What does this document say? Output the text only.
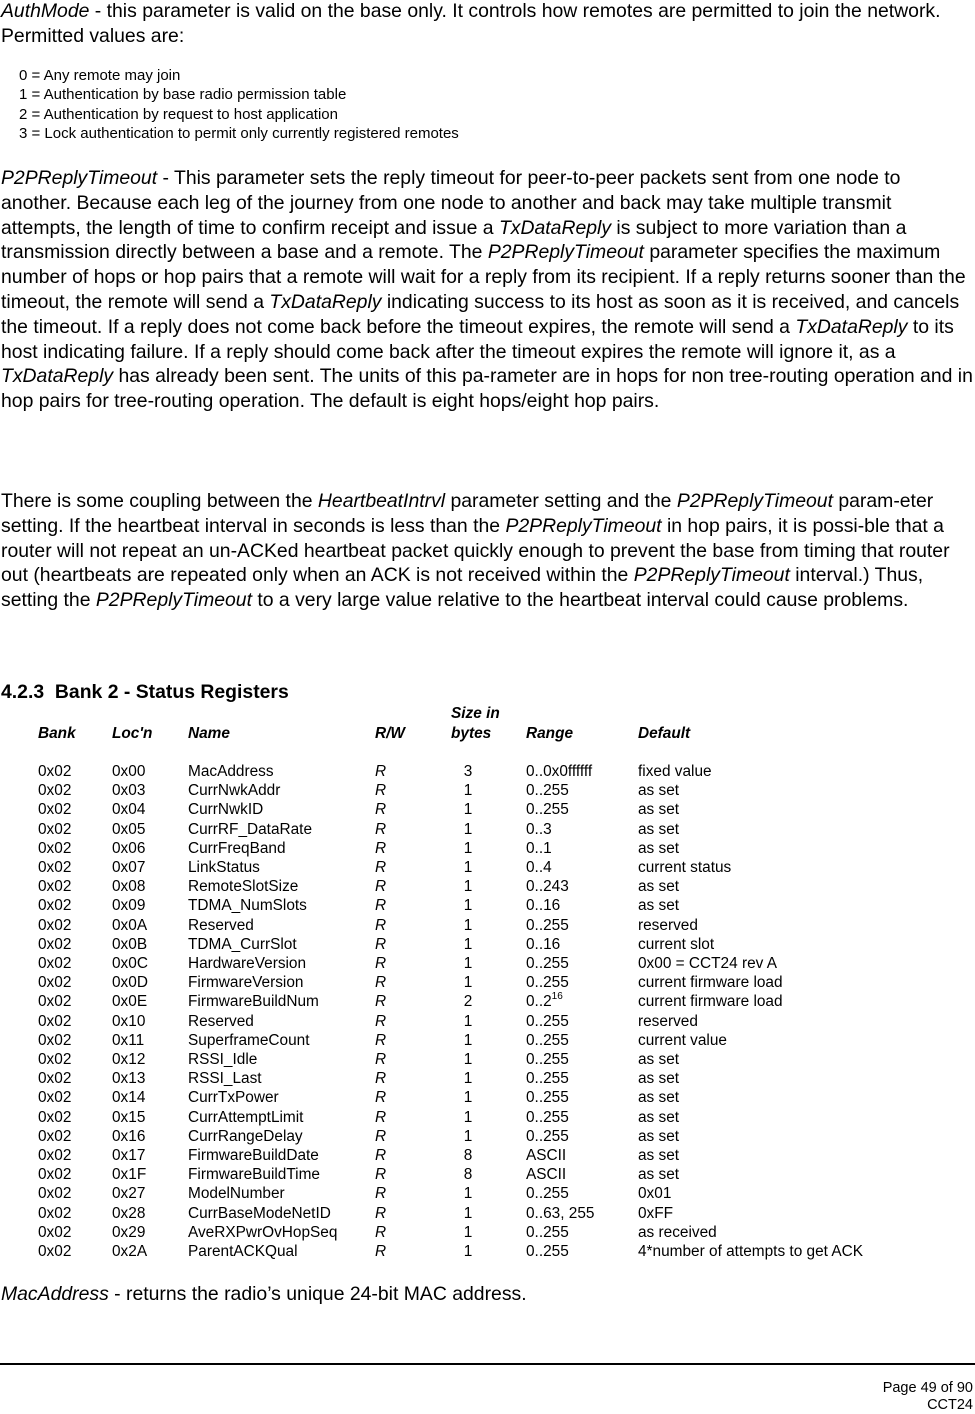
AuthMode - this parameter is valid on the base only. It controls how remotes are permitted to join the network. Permitted values are:

0 = Any remote may join
1 = Authentication by base radio permission table
2 = Authentication by request to host application
3 = Lock authentication to permit only currently registered remotes

P2PReplyTimeout - This parameter sets the reply timeout for peer-to-peer packets sent from one node to another. Because each leg of the journey from one node to another and back may take multiple transmit attempts, the length of time to confirm receipt and issue a TxDataReply is subject to more variation than a transmission directly between a base and a remote. The P2PReplyTimeout parameter specifies the maximum number of hops or hop pairs that a remote will wait for a reply from its recipient. If a reply returns sooner than the timeout, the remote will send a TxDataReply indicating success to its host as soon as it is received, and cancels the timeout. If a reply does not come back before the timeout expires, the remote will send a TxDataReply to its host indicating failure. If a reply should come back after the timeout expires the remote will ignore it, as a TxDataReply has already been sent. The units of this pa-rameter are in hops for non tree-routing operation and in hop pairs for tree-routing operation. The default is eight hops/eight hop pairs.

There is some coupling between the HeartbeatIntrvl parameter setting and the P2PReplyTimeout param-eter setting. If the heartbeat interval in seconds is less than the P2PReplyTimeout in hop pairs, it is possi-ble that a router will not repeat an un-ACKed heartbeat packet quickly enough to prevent the base from timing that router out (heartbeats are repeated only when an ACK is not received within the P2PReplyTimeout interval.) Thus, setting the P2PReplyTimeout to a very large value relative to the heartbeat interval could cause problems.

4.2.3 Bank 2 - Status Registers
Bank Loc'n Name	R/W
Size in
bytes Range	Default
0x02	0x00	MacAddress	R	3	0..0x0ffffff	fixed value
0x02	0x03	CurrNwkAddr	R	1	0..255	as set
0x02	0x04	CurrNwkID	R	1	0..255	as set
0x02	0x05	CurrRF_DataRate	R	1	0..3	as set
0x02	0x06	CurrFreqBand	R	1	0..1	as set
0x02	0x07	LinkStatus	R	1	0..4	current status
0x02	0x08	RemoteSlotSize	R	1	0..243	as set
0x02	0x09	TDMA_NumSlots	R	1	0..16	as set
0x02	0x0A	Reserved	R	1	0..255	reserved
0x02	0x0B	TDMA_CurrSlot	R	1	0..16	current slot
0x02	0x0C	HardwareVersion	R	1	0..255	0x00 = CCT24 rev A
0x02	0x0D	FirmwareVersion	R	1	0..255	current firmware load
0x02	0x0E	FirmwareBuildNum	R	2	0..2$^{16}$	current firmware load
0x02	0x10	Reserved	R	1	0..255	reserved
0x02	0x11	SuperframeCount	R	1	0..255	current value
0x02	0x12	RSSI_Idle	R	1	0..255	as set
0x02	0x13	RSSI_Last	R	1	0..255	as set
0x02	0x14	CurrTxPower	R	1	0..255	as set
0x02	0x15	CurrAttemptLimit	R	1	0..255	as set
0x02	0x16	CurrRangeDelay	R	1	0..255	as set
0x02	0x17	FirmwareBuildDate	R	8	ASCII	as set
0x02	0x1F	FirmwareBuildTime	R	8	ASCII	as set
0x02	0x27	ModelNumber	R	1	0..255	0x01
0x02	0x28	CurrBaseModeNetID	R	1	0..63, 255	0xFF
0x02	0x29	AveRXPwrOvHopSeq R	1	0..255	as received
0x02	0x2A	ParentACKQual	R	1	0..255	4*number of attempts to get ACK

MacAddress - returns the radio’s unique 24-bit MAC address.

Page 49 of 90
CCT24
